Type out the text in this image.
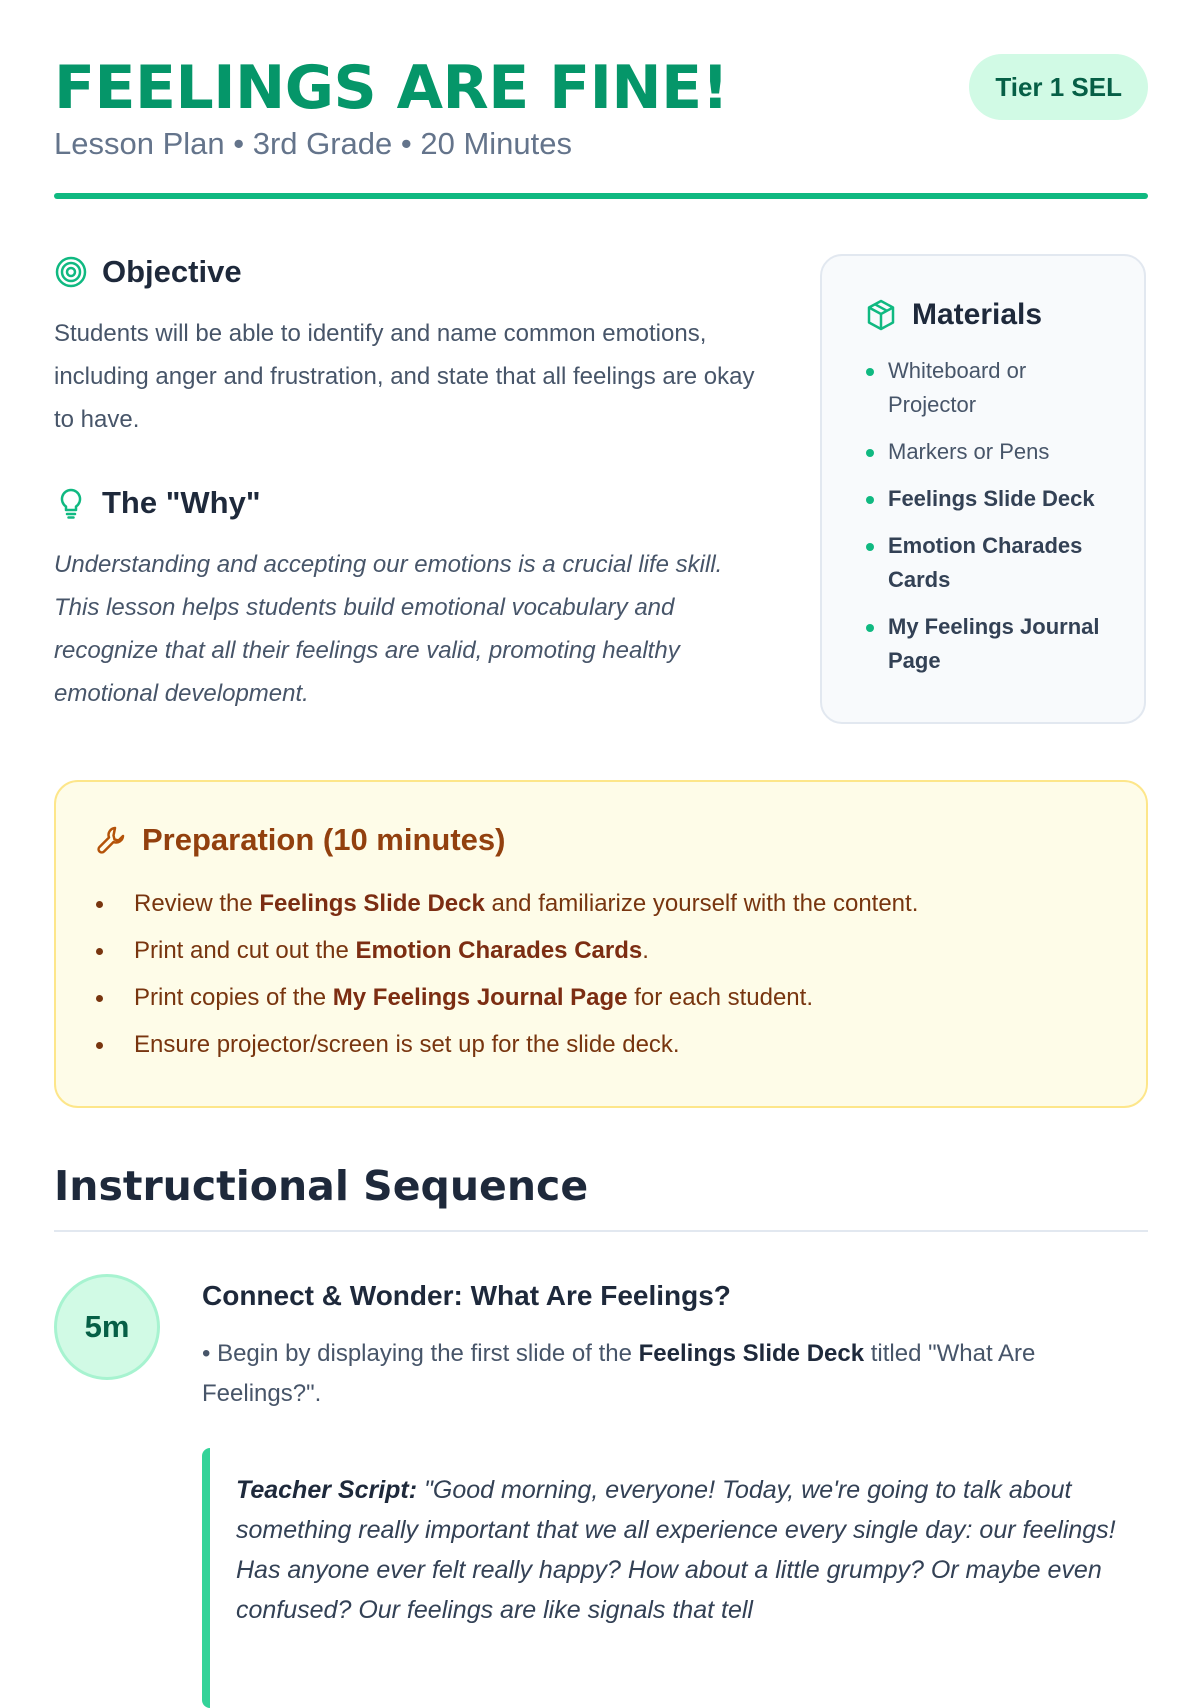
FEELINGS ARE FINE!
Lesson Plan • 3rd Grade • 20 Minutes
Tier 1 SEL
Objective

Students will be able to identify and name common emotions, including anger and frustration, and state that all feelings are okay to have.

The "Why"

Understanding and accepting our emotions is a crucial life skill. This lesson helps students build emotional vocabulary and recognize that all their feelings are valid, promoting healthy emotional development.

Materials
Whiteboard or Projector
Markers or Pens
Feelings Slide Deck
Emotion Charades Cards
My Feelings Journal Page
Preparation (10 minutes)
Review the Feelings Slide Deck and familiarize yourself with the content.
Print and cut out the Emotion Charades Cards.
Print copies of the My Feelings Journal Page for each student.
Ensure projector/screen is set up for the slide deck.
Instructional Sequence
5m
Connect & Wonder: What Are Feelings?

• Begin by displaying the first slide of the Feelings Slide Deck titled "What Are Feelings?".

Teacher Script: "Good morning, everyone! Today, we're going to talk about something really important that we all experience every single day: our feelings! Has anyone ever felt really happy? How about a little grumpy? Or maybe even confused? Our feelings are like signals that tell
